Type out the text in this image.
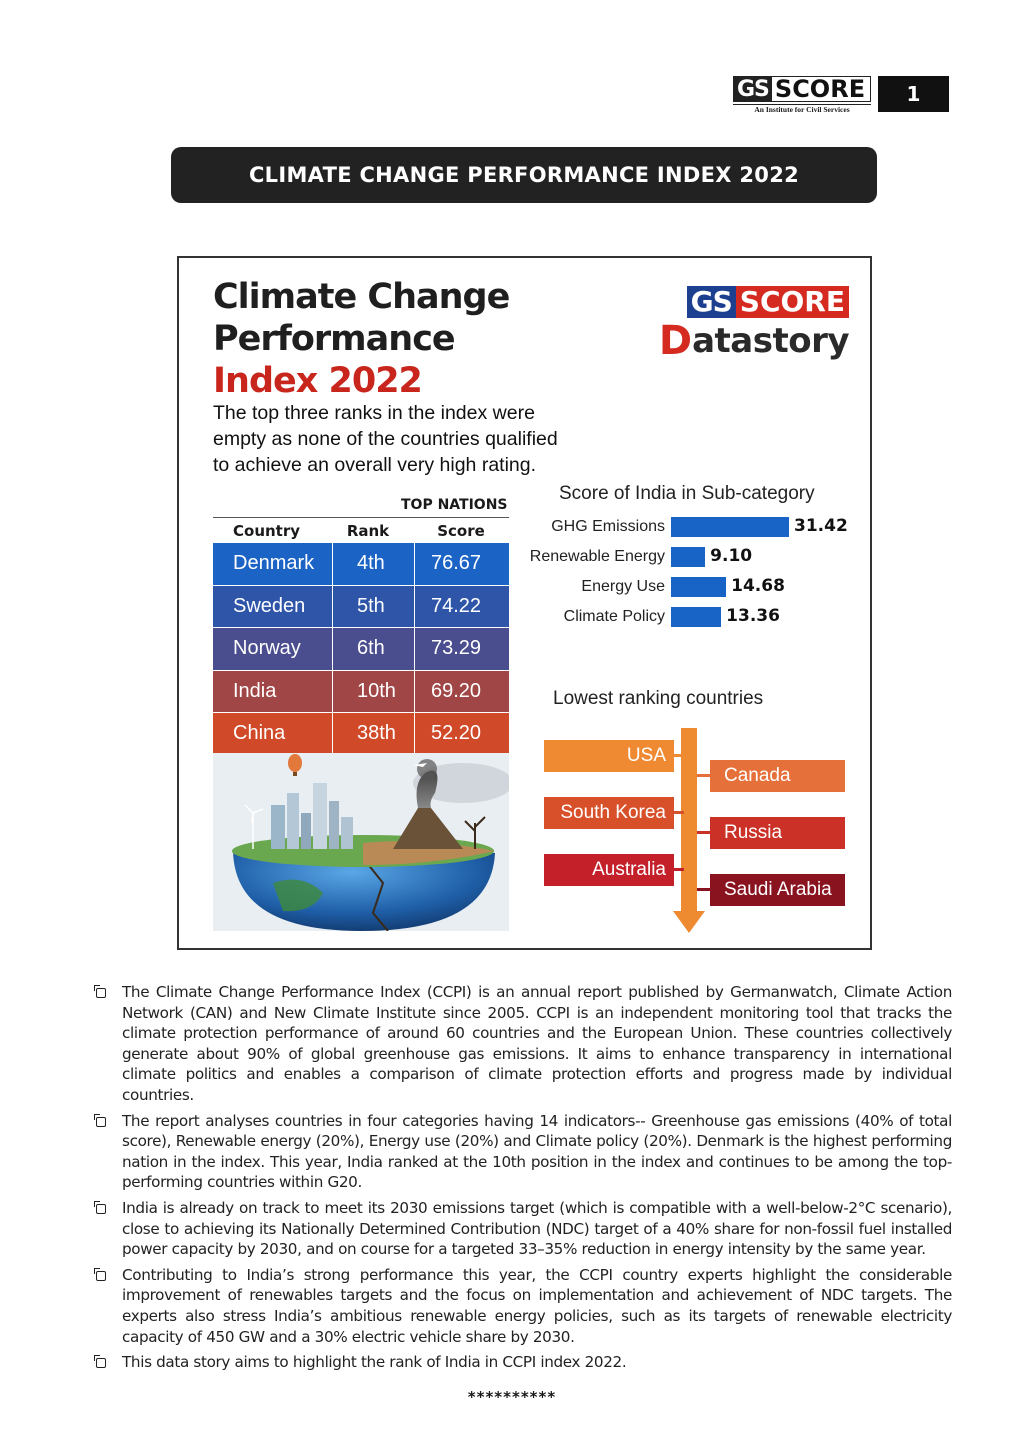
GS SCORE
An Institute for Civil Services
1
CLIMATE CHANGE PERFORMANCE INDEX 2022
Climate Change
Performance
Index 2022
The top three ranks in the index were empty as none of the countries qualified to achieve an overall very high rating.
GS SCORE
D atastory
TOP NATIONS
Country	Rank	Score
Denmark	4th	76.67
Sweden	5th	74.22
Norway	6th	73.29
India	10th	69.20
China	38th	52.20
Score of India in Sub-category
GHG Emissions	31.42
Renewable Energy	9.10
Energy Use	14.68
Climate Policy	13.36
Lowest ranking countries
USA
South Korea
Australia
Canada
Russia
Saudi Arabia
The Climate Change Performance Index (CCPI) is an annual report published by Germanwatch, Climate Action Network (CAN) and New Climate Institute since 2005. CCPI is an independent monitoring tool that tracks the climate protection performance of around 60 countries and the European Union. These countries collectively generate about 90% of global greenhouse gas emissions. It aims to enhance transparency in international climate politics and enables a comparison of climate protection efforts and progress made by individual countries.
The report analyses countries in four categories having 14 indicators-- Greenhouse gas emissions (40% of total score), Renewable energy (20%), Energy use (20%) and Climate policy (20%). Denmark is the highest performing nation in the index. This year, India ranked at the 10th position in the index and continues to be among the top-performing countries within G20.
India is already on track to meet its 2030 emissions target (which is compatible with a well-below-2°C scenario), close to achieving its Nationally Determined Contribution (NDC) target of a 40% share for non-fossil fuel installed power capacity by 2030, and on course for a targeted 33–35% reduction in energy intensity by the same year.
Contributing to India’s strong performance this year, the CCPI country experts highlight the considerable improvement of renewables targets and the focus on implementation and achievement of NDC targets. The experts also stress India’s ambitious renewable energy policies, such as its targets of renewable electricity capacity of 450 GW and a 30% electric vehicle share by 2030.
This data story aims to highlight the rank of India in CCPI index 2022.
**********
